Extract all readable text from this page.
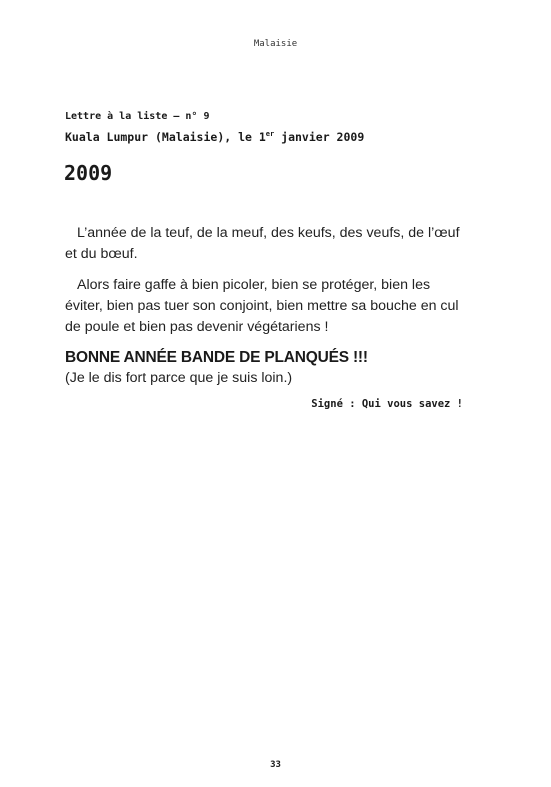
Malaisie
Lettre à la liste – n° 9
Kuala Lumpur (Malaisie), le 1er janvier 2009
2009

L’année de la teuf, de la meuf, des keufs, des veufs, de l’œuf et du bœuf.

Alors faire gaffe à bien picoler, bien se protéger, bien les éviter, bien pas tuer son conjoint, bien mettre sa bouche en cul de poule et bien pas devenir végétariens !

BONNE ANNÉE BANDE DE PLANQUÉS !!!
(Je le dis fort parce que je suis loin.)
Signé : Qui vous savez !
33
